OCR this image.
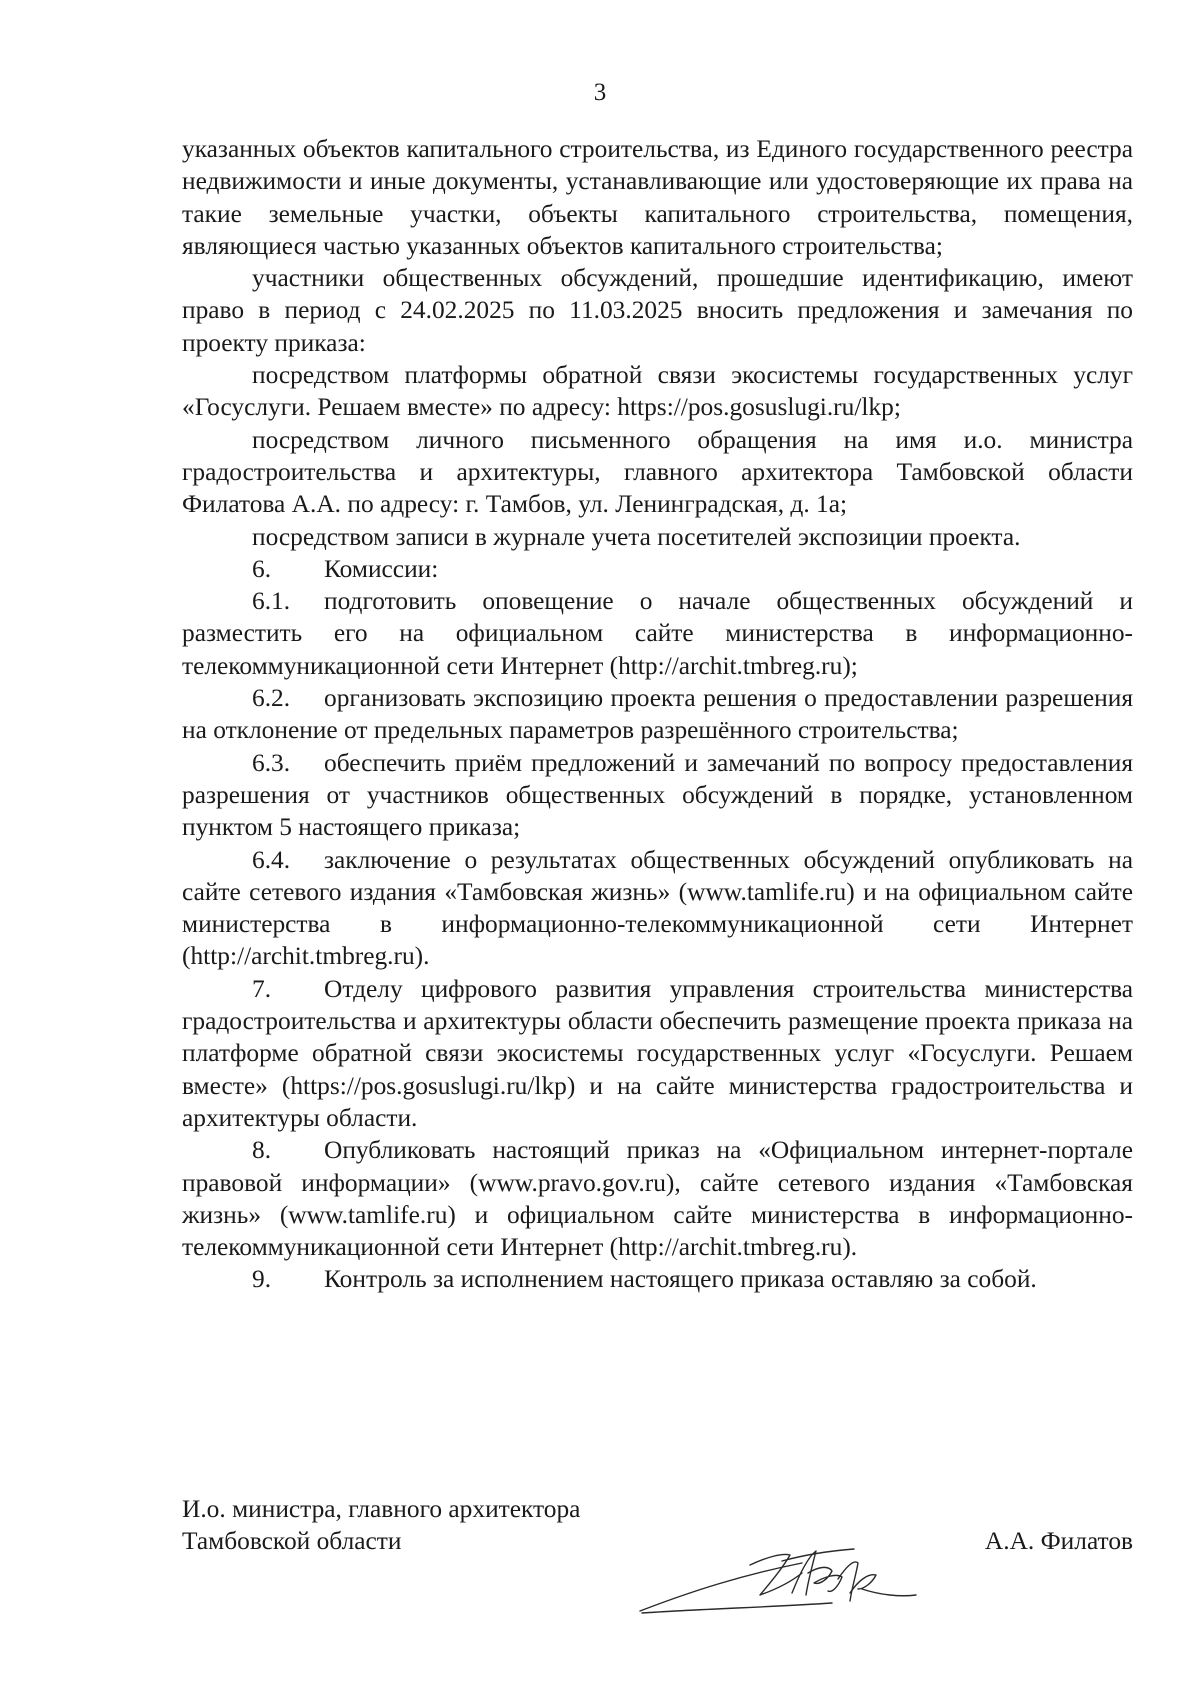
3

указанных объектов капитального строительства, из Единого государственного реестра недвижимости и иные документы, устанавливающие или удостоверяющие их права на такие земельные участки, объекты капитального строительства, помещения, являющиеся частью указанных объектов капитального строительства;

участники общественных обсуждений, прошедшие идентификацию, имеют право в период с 24.02.2025 по 11.03.2025 вносить предложения и замечания по проекту приказа:

посредством платформы обратной связи экосистемы государственных услуг «Госуслуги. Решаем вместе» по адресу: https://pos.gosuslugi.ru/lkp;

посредством личного письменного обращения на имя и.о. министра градостроительства и архитектуры, главного архитектора Тамбовской области Филатова А.А. по адресу: г. Тамбов, ул. Ленинградская, д. 1а;

посредством записи в журнале учета посетителей экспозиции проекта.

6. Комиссии:

6.1. подготовить оповещение о начале общественных обсуждений и разместить его на официальном сайте министерства в информационно-телекоммуникационной сети Интернет (http://archit.tmbreg.ru);

6.2. организовать экспозицию проекта решения о предоставлении разрешения на отклонение от предельных параметров разрешённого строительства;

6.3. обеспечить приём предложений и замечаний по вопросу предоставления разрешения от участников общественных обсуждений в порядке, установленном пунктом 5 настоящего приказа;

6.4. заключение о результатах общественных обсуждений опубликовать на сайте сетевого издания «Тамбовская жизнь» (www.tamlife.ru) и на официальном сайте министерства в информационно-телекоммуникационной сети Интернет (http://archit.tmbreg.ru).

7. Отделу цифрового развития управления строительства министерства градостроительства и архитектуры области обеспечить размещение проекта приказа на платформе обратной связи экосистемы государственных услуг «Госуслуги. Решаем вместе» (https://pos.gosuslugi.ru/lkp) и на сайте министерства градостроительства и архитектуры области.

8. Опубликовать настоящий приказ на «Официальном интернет-портале правовой информации» (www.pravo.gov.ru), сайте сетевого издания «Тамбовская жизнь» (www.tamlife.ru) и официальном сайте министерства в информационно-телекоммуникационной сети Интернет (http://archit.tmbreg.ru).

9. Контроль за исполнением настоящего приказа оставляю за собой.

И.о. министра, главного архитектора
Тамбовской области	А.А. Филатов
